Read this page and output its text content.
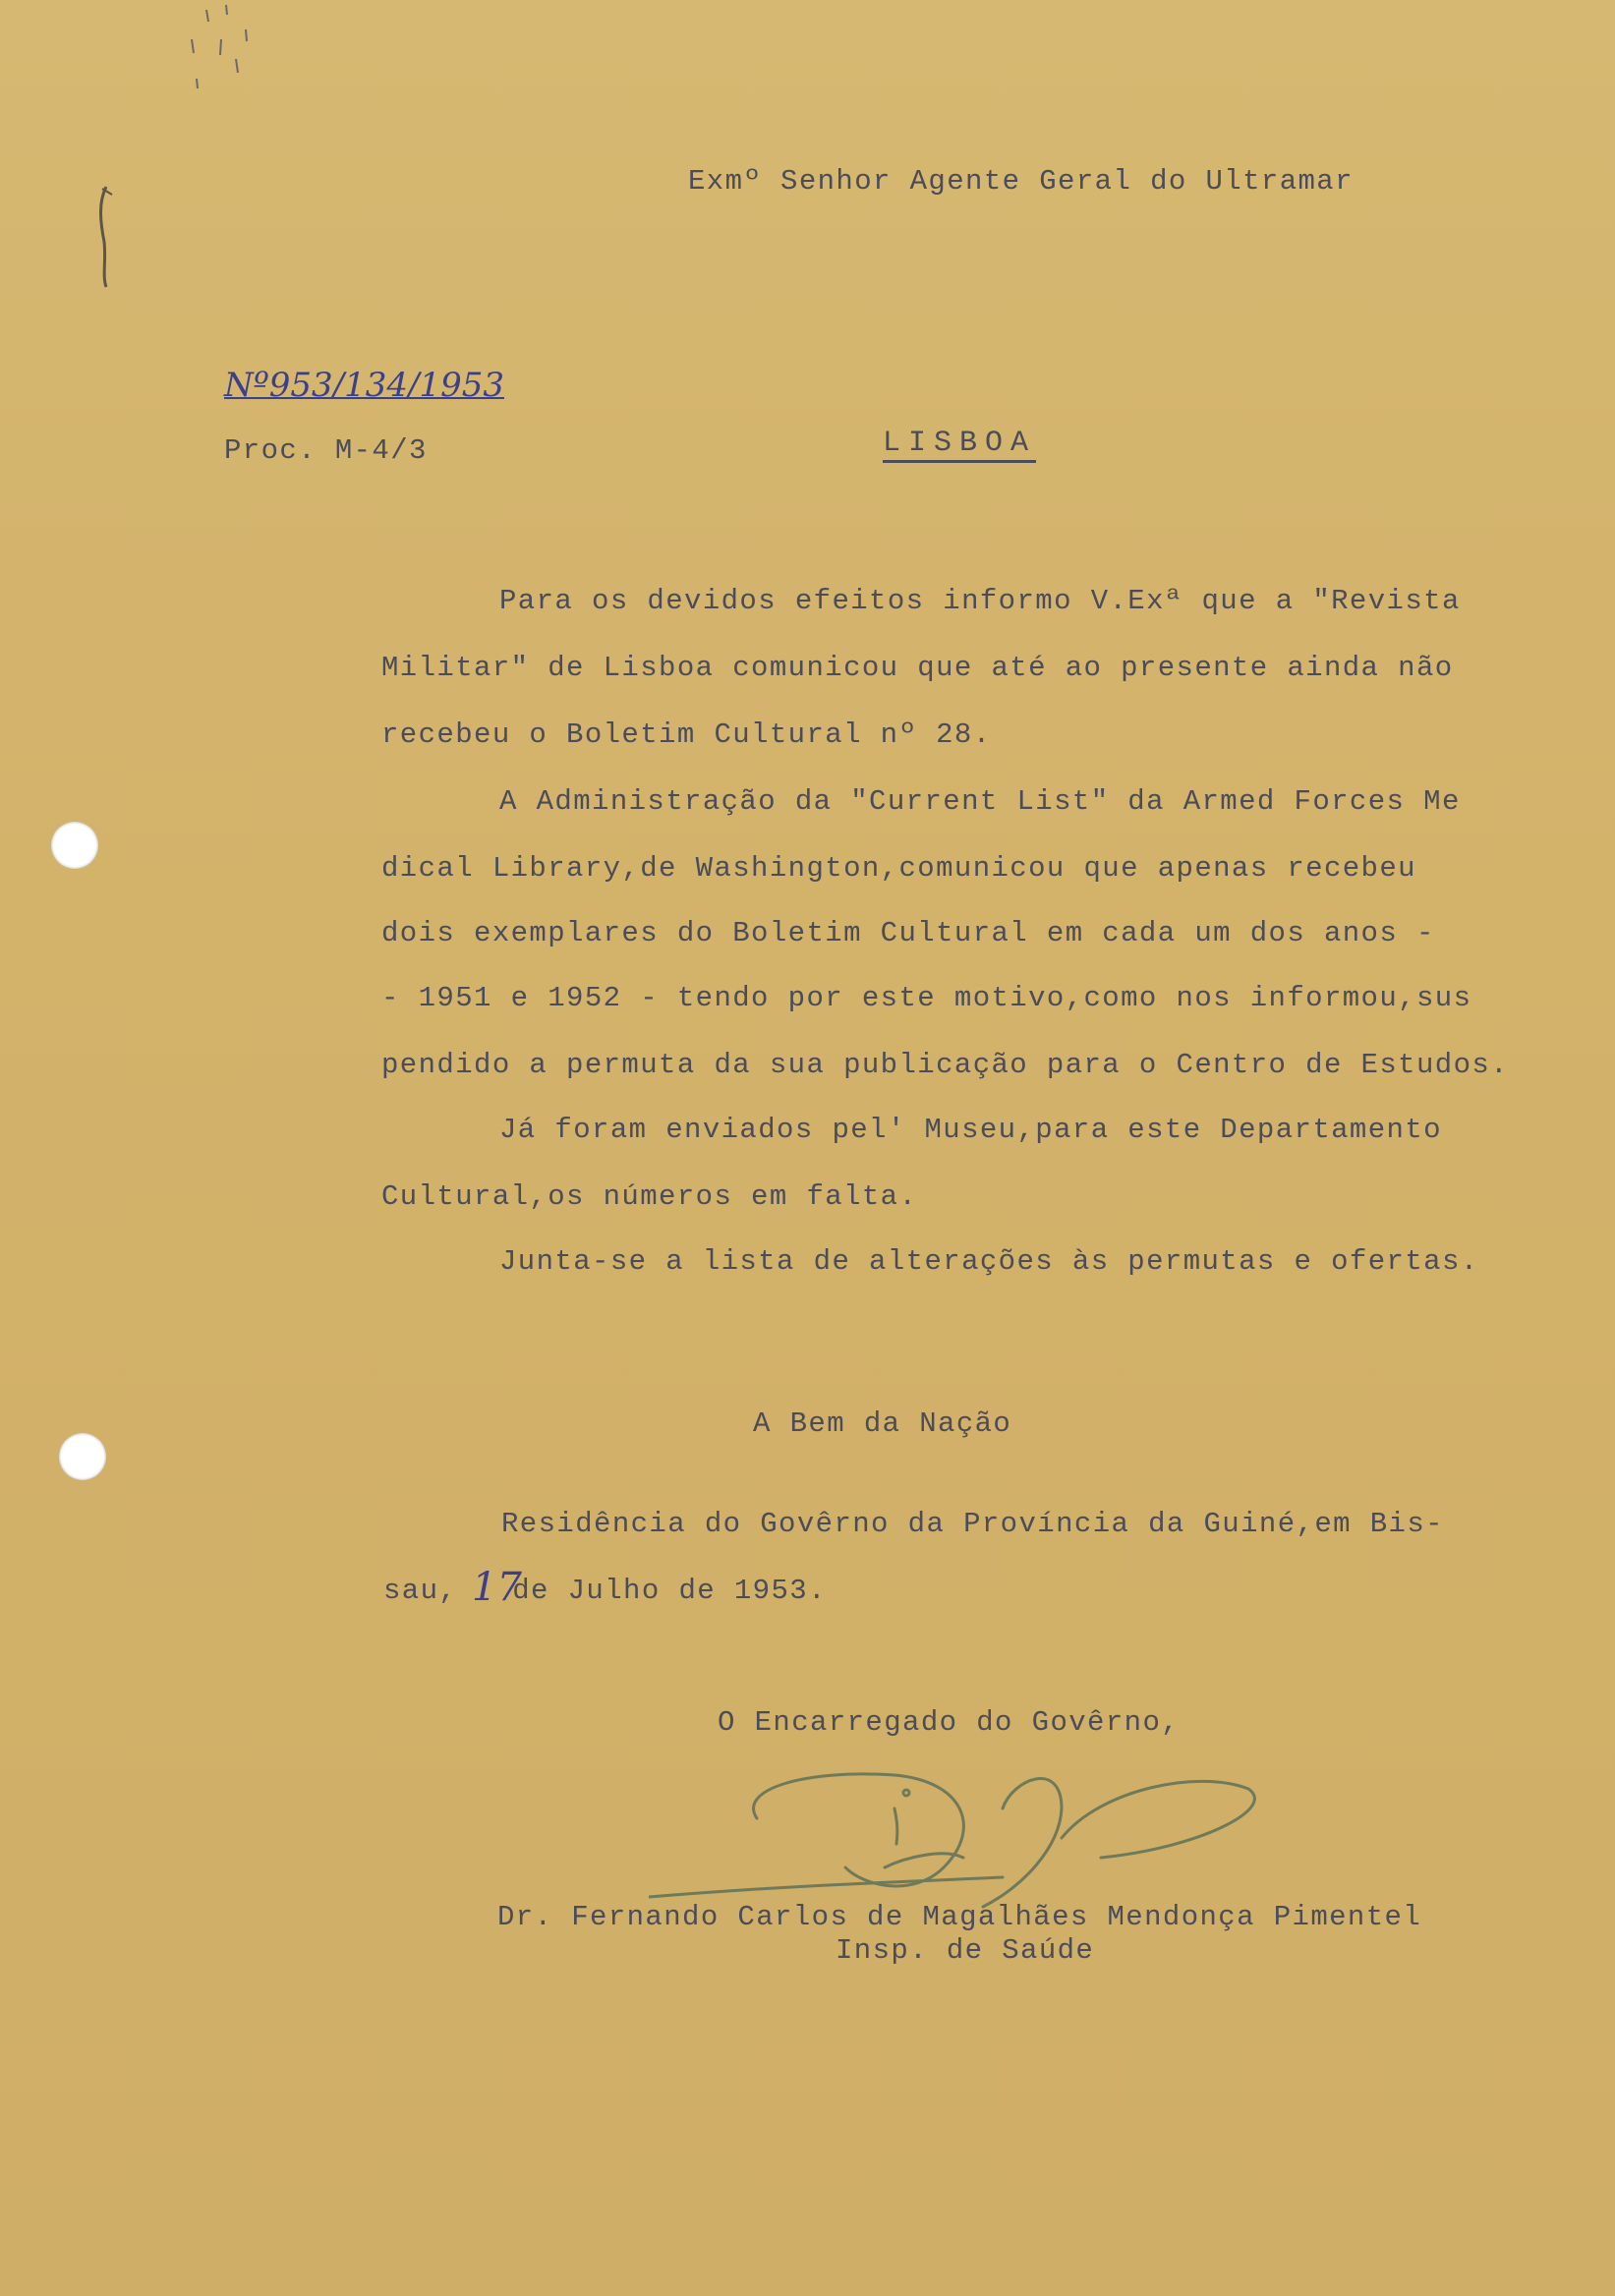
Exmº Senhor Agente Geral do Ultramar
Nº953/134/1953
Proc. M-4/3	LISBOA
Para os devidos efeitos informo V.Exª que a "Revista
Militar" de Lisboa comunicou que até ao presente ainda não
recebeu o Boletim Cultural nº 28.
A Administração da "Current List" da Armed Forces Me
dical Library,de Washington,comunicou que apenas recebeu
dois exemplares do Boletim Cultural em cada um dos anos -
- 1951 e 1952 - tendo por este motivo,como nos informou,sus
pendido a permuta da sua publicação para o Centro de Estudos.
Já foram enviados pel' Museu,para este Departamento
Cultural,os números em falta.
Junta-se a lista de alterações às permutas e ofertas.
A Bem da Nação
Residência do Govêrno da Província da Guiné,em Bis-
sau, de Julho de 1953.
17
O Encarregado do Govêrno,
Dr. Fernando Carlos de Magalhães Mendonça Pimentel
Insp. de Saúde
